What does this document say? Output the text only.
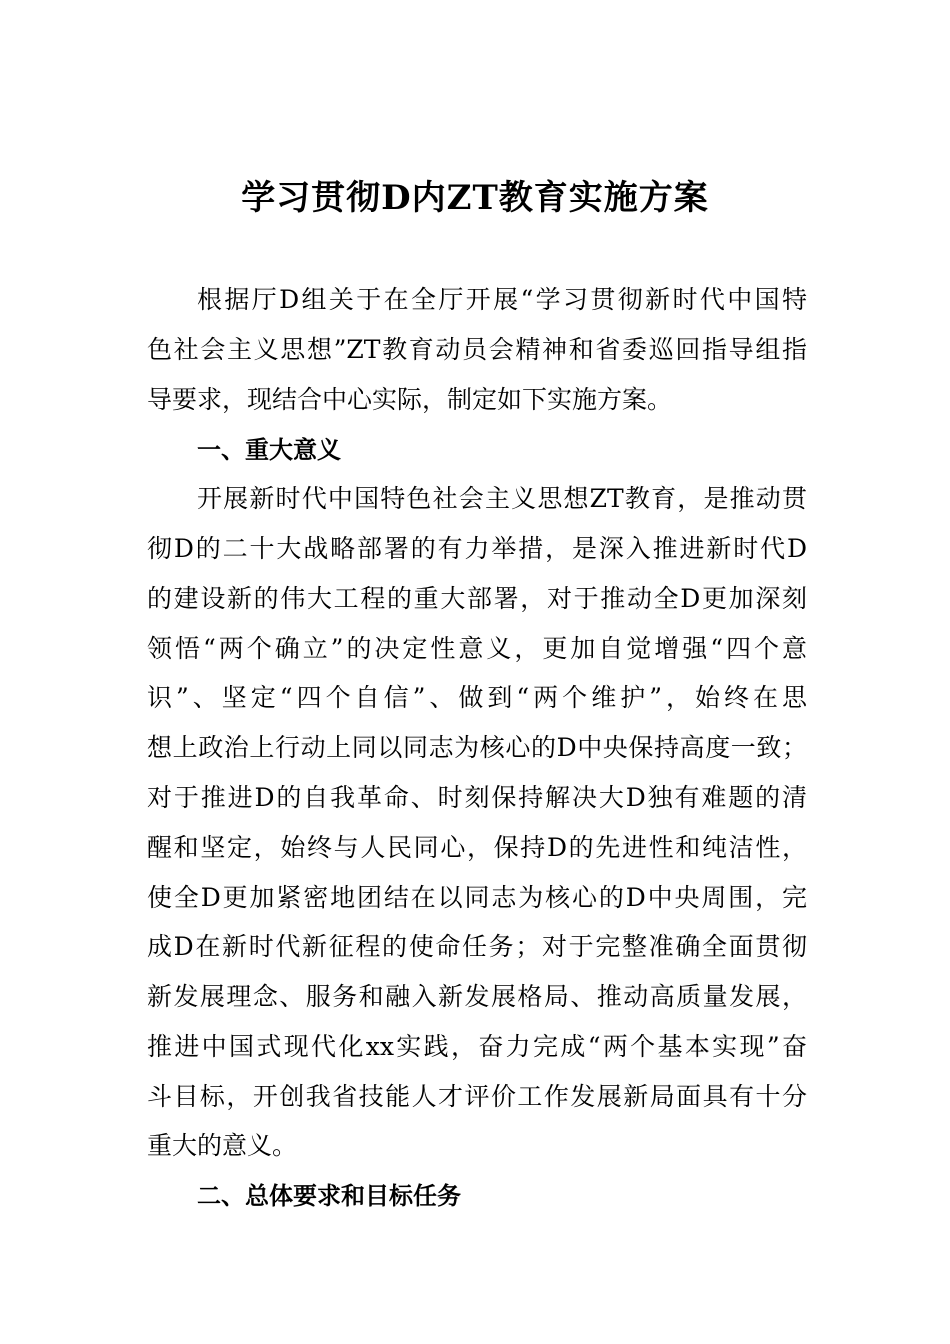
学习贯彻D内ZT教育实施方案
根据厅D组关于在全厅开展“学习贯彻新时代中国特
色社会主义思想”ZT教育动员会精神和省委巡回指导组指
导要求，现结合中心实际，制定如下实施方案。
一、重大意义
开展新时代中国特色社会主义思想ZT教育，是推动贯
彻D的二十大战略部署的有力举措，是深入推进新时代D
的建设新的伟大工程的重大部署，对于推动全D更加深刻
领悟“两个确立”的决定性意义，更加自觉增强“四个意
识”、坚定“四个自信”、做到“两个维护”，始终在思
想上政治上行动上同以同志为核心的D中央保持高度一致；
对于推进D的自我革命、时刻保持解决大D独有难题的清
醒和坚定，始终与人民同心，保持D的先进性和纯洁性，
使全D更加紧密地团结在以同志为核心的D中央周围，完
成D在新时代新征程的使命任务；对于完整准确全面贯彻
新发展理念、服务和融入新发展格局、推动高质量发展，
推进中国式现代化xx实践，奋力完成“两个基本实现”奋
斗目标，开创我省技能人才评价工作发展新局面具有十分
重大的意义。
二、总体要求和目标任务
